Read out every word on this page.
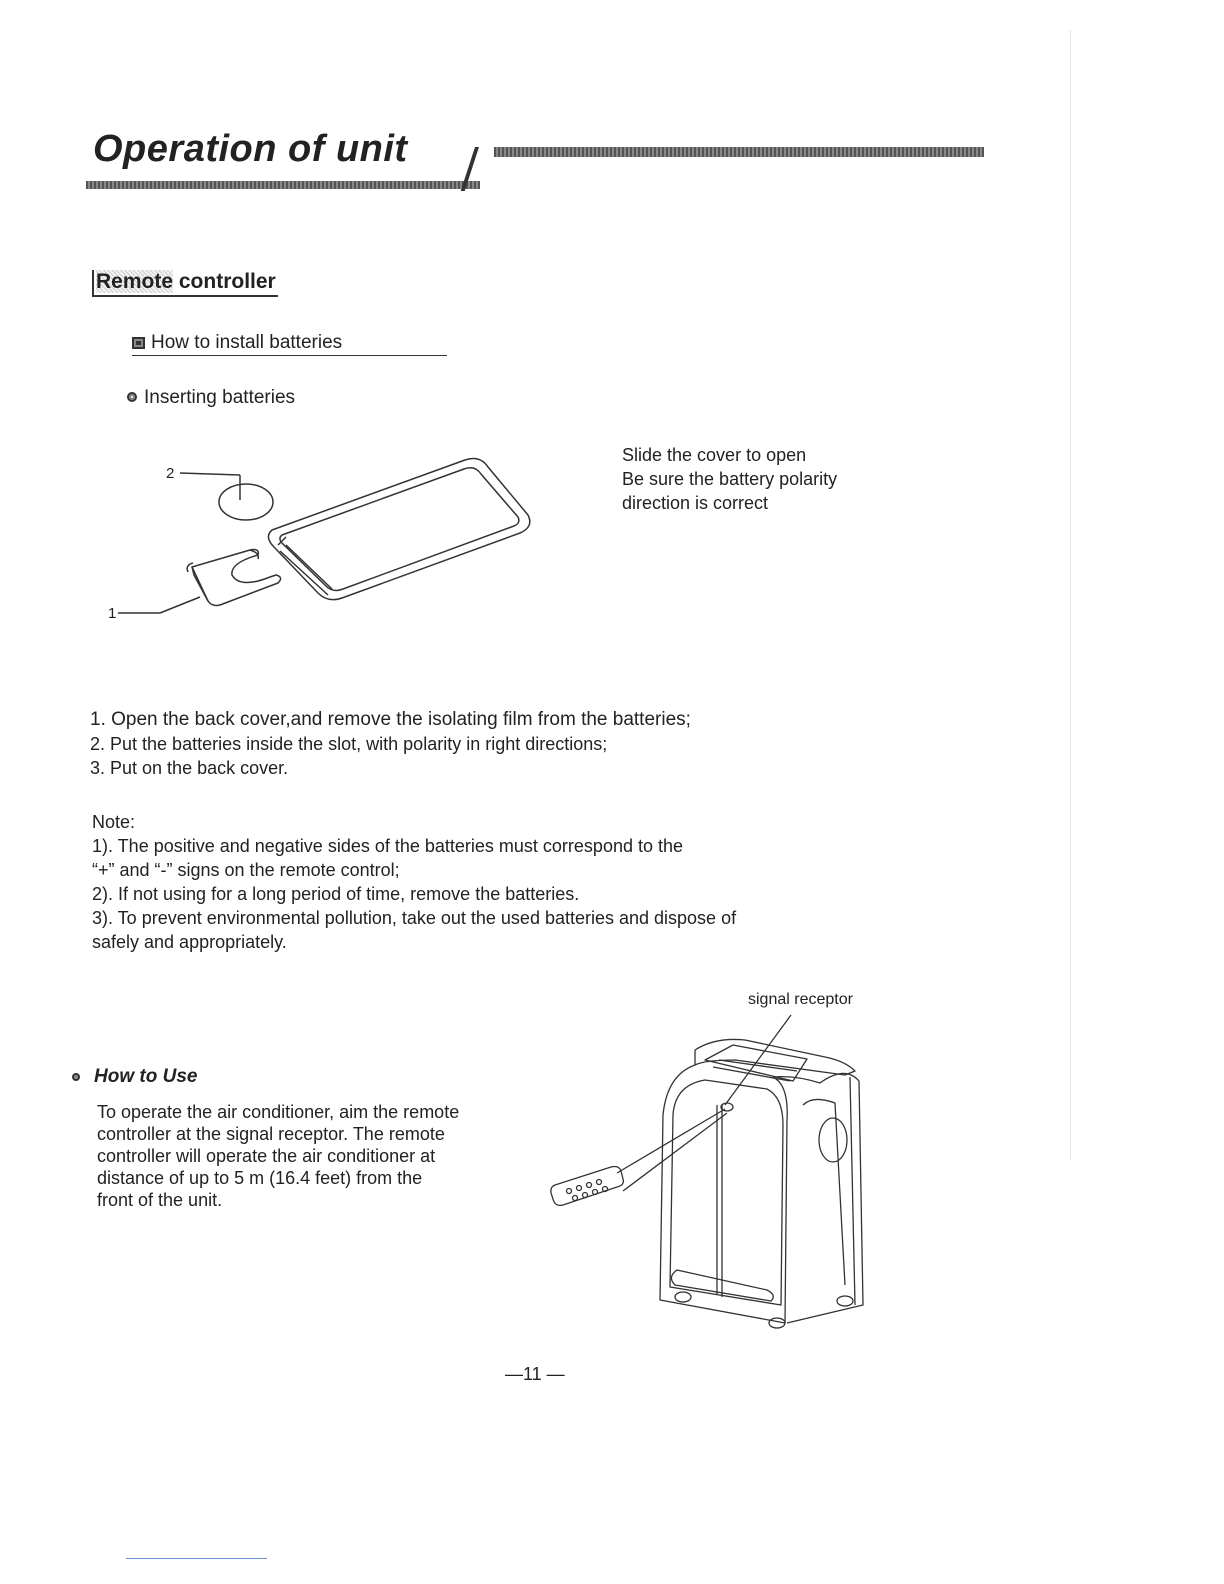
Operation of unit
Remote controller
How to install batteries
Inserting batteries
2
1
Slide the cover to open
Be sure the battery polarity
direction is correct
1. Open the back cover,and remove the isolating film from the batteries;
2. Put the batteries inside the slot, with polarity in right directions;
3. Put on the back cover.
Note:
1). The positive and negative sides of the batteries must correspond to the
“+” and “-” signs on the remote control;
2). If not using for a long period of time, remove the batteries.
3). To prevent environmental pollution, take out the used batteries and dispose of
safely and appropriately.
signal receptor
How to Use
To operate the air conditioner, aim the remote
controller at the signal receptor. The remote
controller will operate the air conditioner at
distance of up to 5 m (16.4 feet) from the
front of the unit.
—11 —
